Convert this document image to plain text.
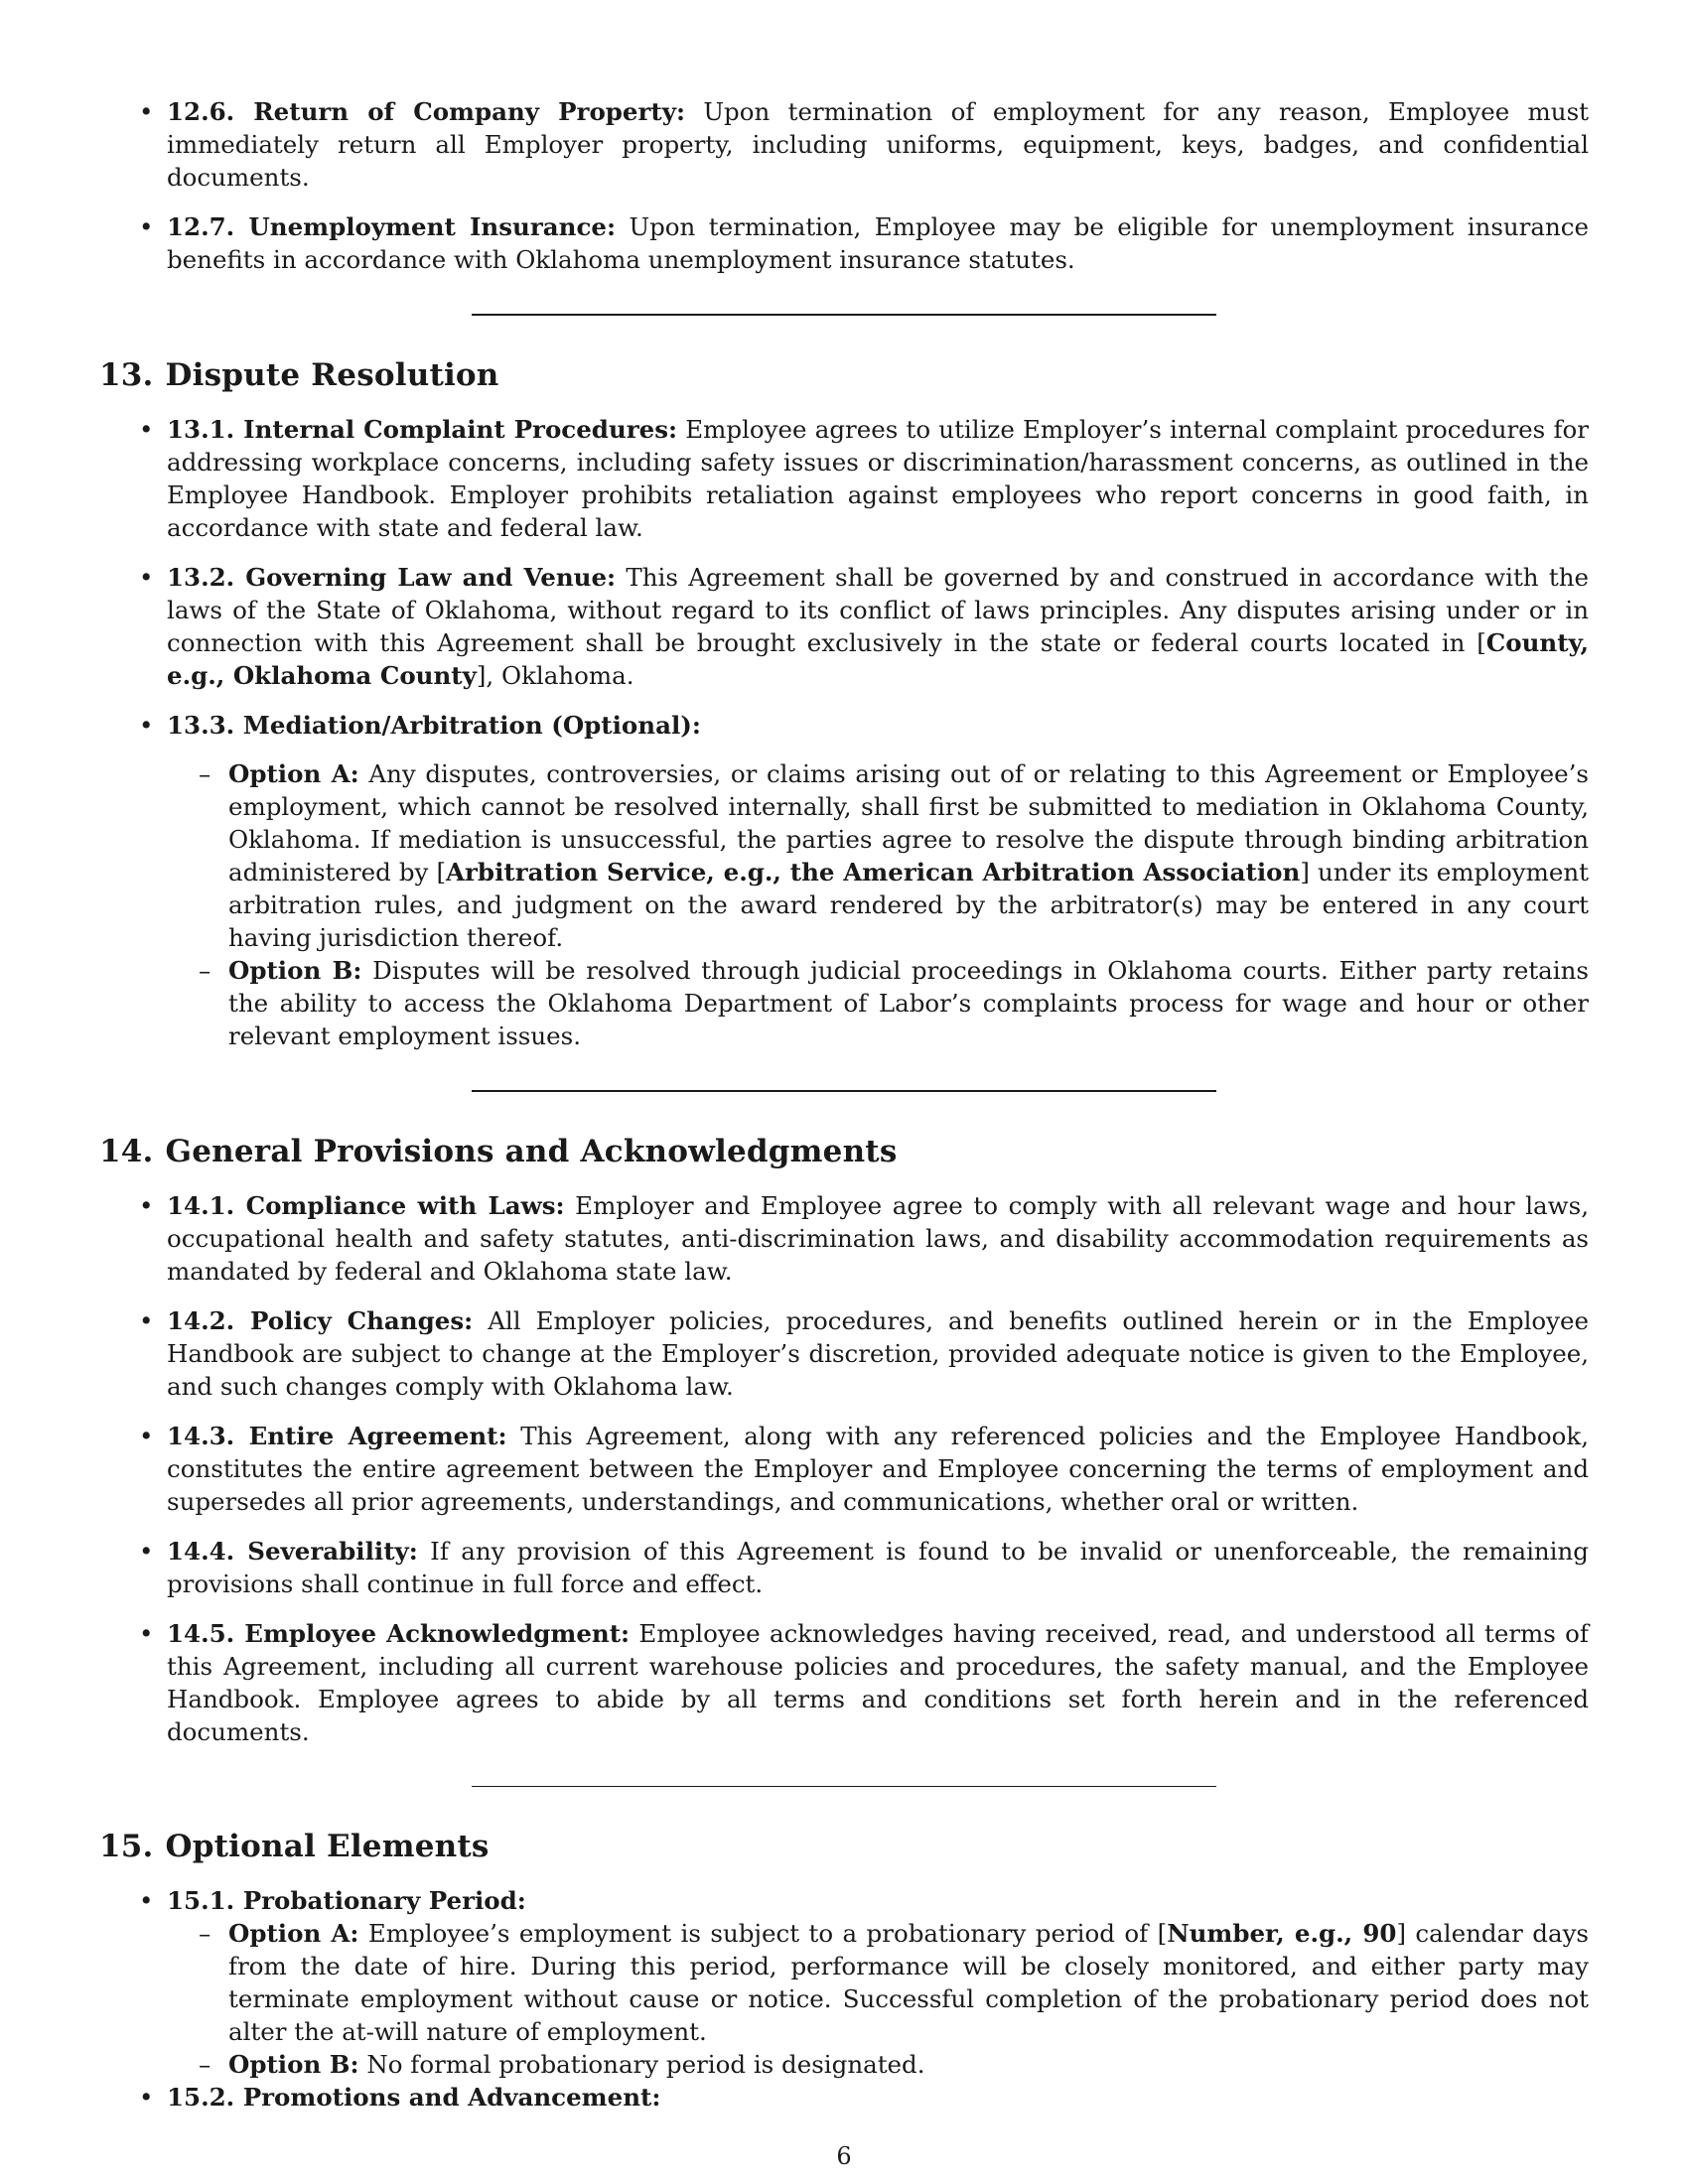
• 12.6. Return of Company Property: Upon termination of employment for any reason, Employee must immediately return all Employer property, including uniforms, equipment, keys, badges, and confidential documents.
• 12.7. Unemployment Insurance: Upon termination, Employee may be eligible for unemployment insurance benefits in accordance with Oklahoma unemployment insurance statutes.
13. Dispute Resolution
• 13.1. Internal Complaint Procedures: Employee agrees to utilize Employer’s internal complaint procedures for addressing workplace concerns, including safety issues or discrimination/harassment concerns, as outlined in the Employee Handbook. Employer prohibits retaliation against employees who report concerns in good faith, in accordance with state and federal law.
• 13.2. Governing Law and Venue: This Agreement shall be governed by and construed in accordance with the laws of the State of Oklahoma, without regard to its conflict of laws principles. Any disputes arising under or in connection with this Agreement shall be brought exclusively in the state or federal courts located in [County, e.g., Oklahoma County], Oklahoma.
• 13.3. Mediation/Arbitration (Optional):
– Option A: Any disputes, controversies, or claims arising out of or relating to this Agreement or Employee’s employment, which cannot be resolved internally, shall first be submitted to mediation in Oklahoma County, Oklahoma. If mediation is unsuccessful, the parties agree to resolve the dispute through binding arbitration administered by [Arbitration Service, e.g., the American Arbitration Association] under its employment arbitration rules, and judgment on the award rendered by the arbitrator(s) may be entered in any court having jurisdiction thereof.
– Option B: Disputes will be resolved through judicial proceedings in Oklahoma courts. Either party retains the ability to access the Oklahoma Department of Labor’s complaints process for wage and hour or other relevant employment issues.
14. General Provisions and Acknowledgments
• 14.1. Compliance with Laws: Employer and Employee agree to comply with all relevant wage and hour laws, occupational health and safety statutes, anti-discrimination laws, and disability accommodation requirements as mandated by federal and Oklahoma state law.
• 14.2. Policy Changes: All Employer policies, procedures, and benefits outlined herein or in the Employee Handbook are subject to change at the Employer’s discretion, provided adequate notice is given to the Employee, and such changes comply with Oklahoma law.
• 14.3. Entire Agreement: This Agreement, along with any referenced policies and the Employee Handbook, constitutes the entire agreement between the Employer and Employee concerning the terms of employment and supersedes all prior agreements, understandings, and communications, whether oral or written.
• 14.4. Severability: If any provision of this Agreement is found to be invalid or unenforceable, the remaining provisions shall continue in full force and effect.
• 14.5. Employee Acknowledgment: Employee acknowledges having received, read, and understood all terms of this Agreement, including all current warehouse policies and procedures, the safety manual, and the Employee Handbook. Employee agrees to abide by all terms and conditions set forth herein and in the referenced documents.
15. Optional Elements
• 15.1. Probationary Period:
– Option A: Employee’s employment is subject to a probationary period of [Number, e.g., 90] calendar days from the date of hire. During this period, performance will be closely monitored, and either party may terminate employment without cause or notice. Successful completion of the probationary period does not alter the at-will nature of employment.
– Option B: No formal probationary period is designated.
• 15.2. Promotions and Advancement:
6
